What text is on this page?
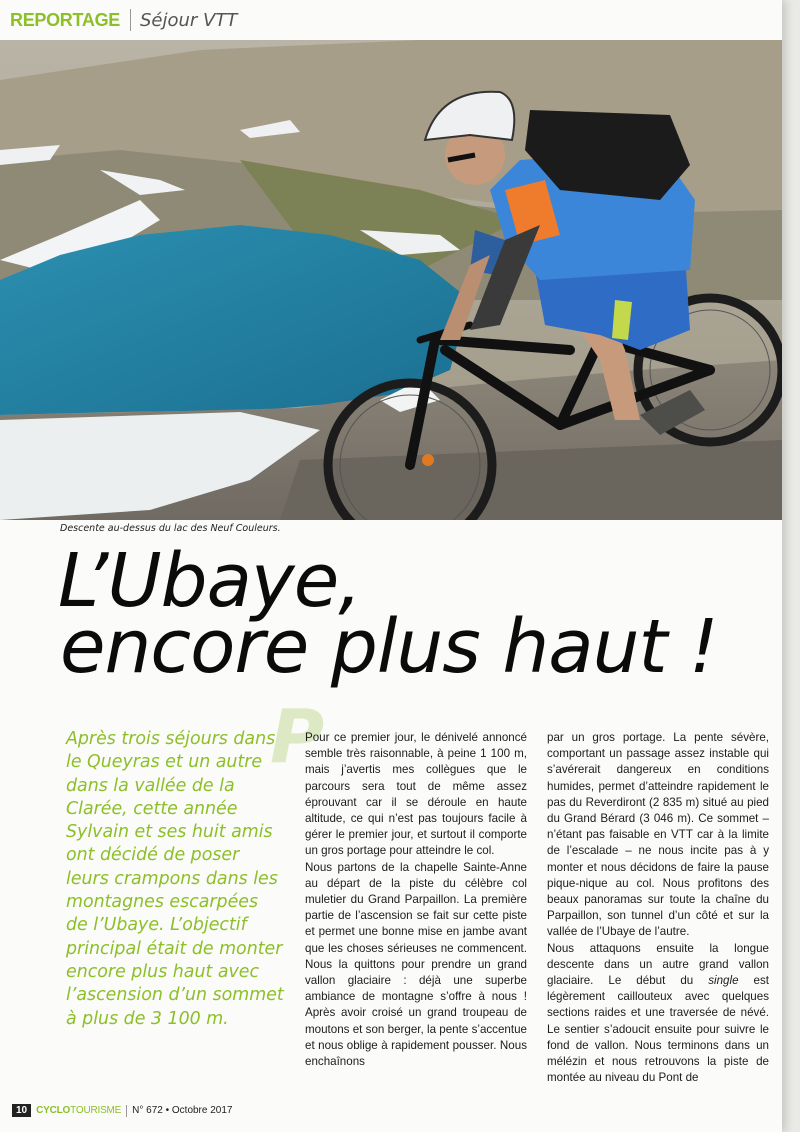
REPORTAGE Séjour VTT
Descente au-dessus du lac des Neuf Couleurs.
L’Ubaye,
encore plus haut !
P
Après trois séjours dans le Queyras et un autre dans la vallée de la Clarée, cette année Sylvain et ses huit amis ont décidé de poser leurs crampons dans les montagnes escarpées de l’Ubaye. L’objectif principal était de monter encore plus haut avec l’ascension d’un sommet à plus de 3 100 m.

Pour ce premier jour, le dénivelé annoncé semble très raisonnable, à peine 1 100 m, mais j’avertis mes collègues que le parcours sera tout de même assez éprouvant car il se déroule en haute altitude, ce qui n’est pas toujours facile à gérer le premier jour, et surtout il comporte un gros portage pour atteindre le col.

Nous partons de la chapelle Sainte-Anne au départ de la piste du célèbre col muletier du Grand Parpaillon. La première partie de l’ascension se fait sur cette piste et permet une bonne mise en jambe avant que les choses sérieuses ne commencent. Nous la quittons pour prendre un grand vallon glaciaire : déjà une superbe ambiance de montagne s’offre à nous ! Après avoir croisé un grand troupeau de moutons et son berger, la pente s’accentue et nous oblige à rapidement pousser. Nous enchaînons

par un gros portage. La pente sévère, comportant un passage assez instable qui s’avérerait dangereux en conditions humides, permet d’atteindre rapidement le pas du Reverdiront (2 835 m) situé au pied du Grand Bérard (3 046 m). Ce sommet – n’étant pas faisable en VTT car à la limite de l’escalade – ne nous incite pas à y monter et nous décidons de faire la pause pique-nique au col. Nous profitons des beaux panoramas sur toute la chaîne du Parpaillon, son tunnel d’un côté et sur la vallée de l’Ubaye de l’autre.

Nous attaquons ensuite la longue descente dans un autre grand vallon glaciaire. Le début du single est légèrement caillouteux avec quelques sections raides et une traversée de névé. Le sentier s’adoucit ensuite pour suivre le fond de vallon. Nous terminons dans un mélézin et nous retrouvons la piste de montée au niveau du Pont de

10 CYCLO TOURISME N° 672 • Octobre 2017
